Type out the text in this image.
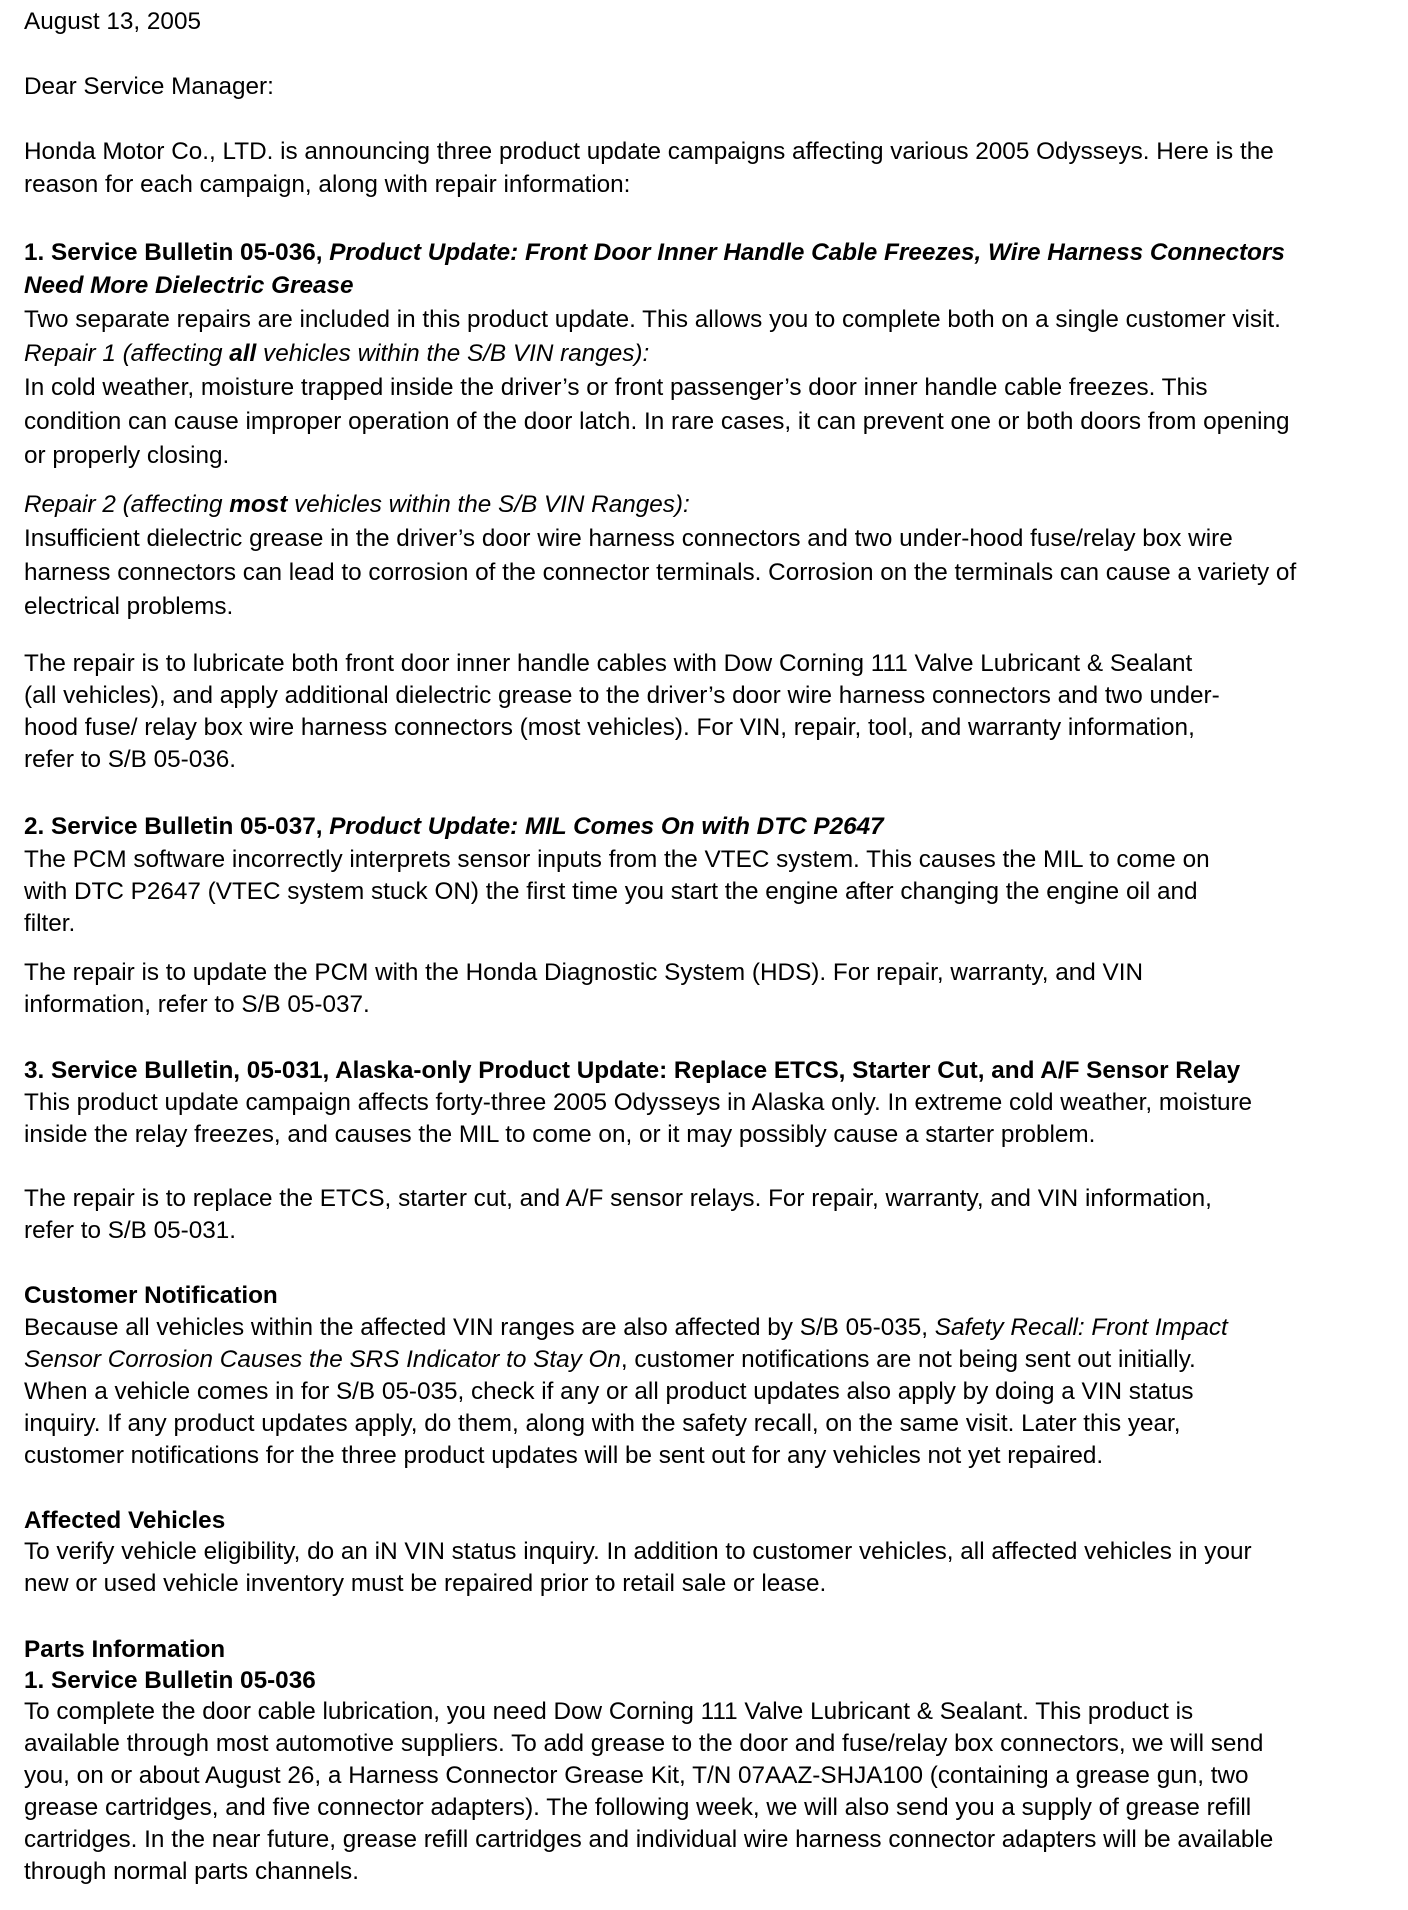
August 13, 2005
Dear Service Manager:
Honda Motor Co., LTD. is announcing three product update campaigns affecting various 2005 Odysseys. Here is the
reason for each campaign, along with repair information:
1. Service Bulletin 05-036, Product Update: Front Door Inner Handle Cable Freezes, Wire Harness Connectors
Need More Dielectric Grease
Two separate repairs are included in this product update. This allows you to complete both on a single customer visit.
Repair 1 (affecting all vehicles within the S/B VIN ranges):
In cold weather, moisture trapped inside the driver’s or front passenger’s door inner handle cable freezes. This
condition can cause improper operation of the door latch. In rare cases, it can prevent one or both doors from opening
or properly closing.
Repair 2 (affecting most vehicles within the S/B VIN Ranges):
Insufficient dielectric grease in the driver’s door wire harness connectors and two under-hood fuse/relay box wire
harness connectors can lead to corrosion of the connector terminals. Corrosion on the terminals can cause a variety of
electrical problems.
The repair is to lubricate both front door inner handle cables with Dow Corning 111 Valve Lubricant & Sealant
(all vehicles), and apply additional dielectric grease to the driver’s door wire harness connectors and two under-
hood fuse/ relay box wire harness connectors (most vehicles). For VIN, repair, tool, and warranty information,
refer to S/B 05-036.
2. Service Bulletin 05-037, Product Update: MIL Comes On with DTC P2647
The PCM software incorrectly interprets sensor inputs from the VTEC system. This causes the MIL to come on
with DTC P2647 (VTEC system stuck ON) the first time you start the engine after changing the engine oil and
filter.
The repair is to update the PCM with the Honda Diagnostic System (HDS). For repair, warranty, and VIN
information, refer to S/B 05-037.
3. Service Bulletin, 05-031, Alaska-only Product Update: Replace ETCS, Starter Cut, and A/F Sensor Relay
This product update campaign affects forty-three 2005 Odysseys in Alaska only. In extreme cold weather, moisture
inside the relay freezes, and causes the MIL to come on, or it may possibly cause a starter problem.
The repair is to replace the ETCS, starter cut, and A/F sensor relays. For repair, warranty, and VIN information,
refer to S/B 05-031.
Customer Notification
Because all vehicles within the affected VIN ranges are also affected by S/B 05-035, Safety Recall: Front Impact
Sensor Corrosion Causes the SRS Indicator to Stay On, customer notifications are not being sent out initially.
When a vehicle comes in for S/B 05-035, check if any or all product updates also apply by doing a VIN status
inquiry. If any product updates apply, do them, along with the safety recall, on the same visit. Later this year,
customer notifications for the three product updates will be sent out for any vehicles not yet repaired.
Affected Vehicles
To verify vehicle eligibility, do an iN VIN status inquiry. In addition to customer vehicles, all affected vehicles in your
new or used vehicle inventory must be repaired prior to retail sale or lease.
Parts Information
1. Service Bulletin 05-036
To complete the door cable lubrication, you need Dow Corning 111 Valve Lubricant & Sealant. This product is
available through most automotive suppliers. To add grease to the door and fuse/relay box connectors, we will send
you, on or about August 26, a Harness Connector Grease Kit, T/N 07AAZ-SHJA100 (containing a grease gun, two
grease cartridges, and five connector adapters). The following week, we will also send you a supply of grease refill
cartridges. In the near future, grease refill cartridges and individual wire harness connector adapters will be available
through normal parts channels.
